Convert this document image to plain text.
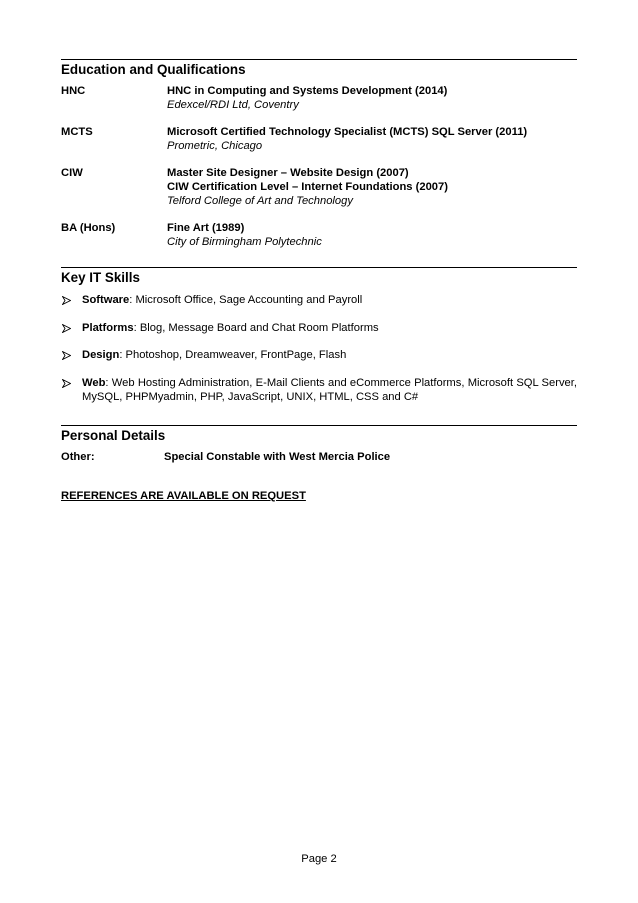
Education and Qualifications
HNC	HNC in Computing and Systems Development (2014)
Edexcel/RDI Ltd, Coventry
MCTS	Microsoft Certified Technology Specialist (MCTS) SQL Server (2011)
Prometric, Chicago
CIW	Master Site Designer – Website Design (2007)
CIW Certification Level – Internet Foundations (2007)
Telford College of Art and Technology
BA (Hons)	Fine Art (1989)
City of Birmingham Polytechnic
Key IT Skills
Software: Microsoft Office, Sage Accounting and Payroll
Platforms: Blog, Message Board and Chat Room Platforms
Design: Photoshop, Dreamweaver, FrontPage, Flash
Web: Web Hosting Administration, E-Mail Clients and eCommerce Platforms, Microsoft SQL Server, MySQL, PHPMyadmin, PHP, JavaScript, UNIX, HTML, CSS and C#
Personal Details
Other:	Special Constable with West Mercia Police
REFERENCES ARE AVAILABLE ON REQUEST
Page 2
